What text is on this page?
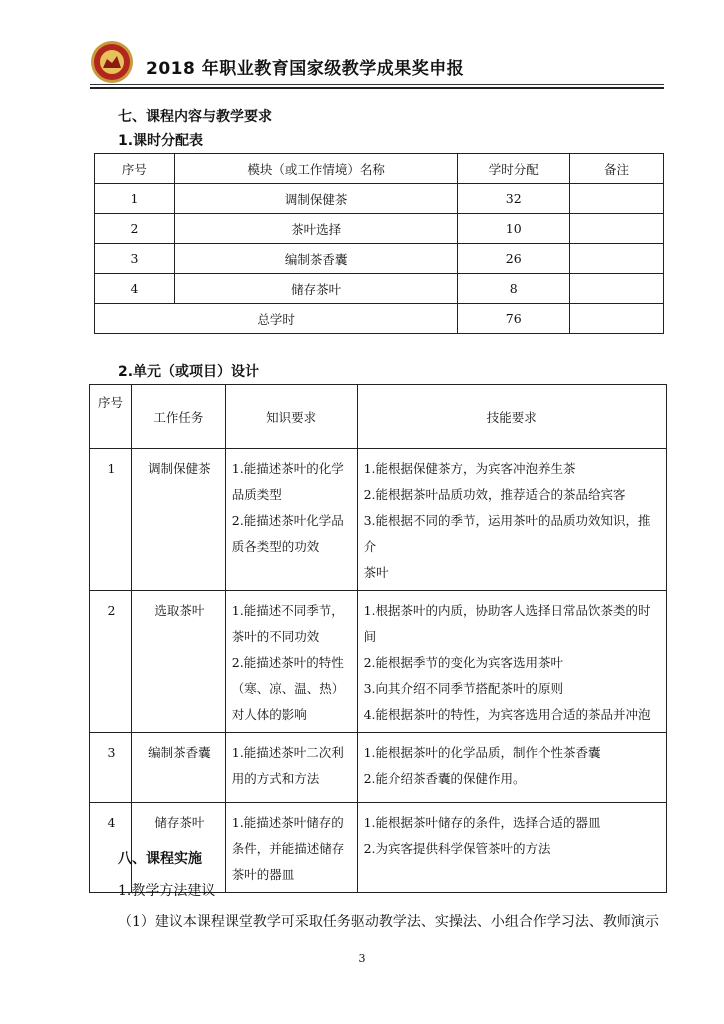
2018 年职业教育国家级教学成果奖申报
七、课程内容与教学要求
1.课时分配表
序号	模块（或工作情境）名称	学时分配	备注
1	调制保健茶	32	
2	茶叶选择	10	
3	编制茶香囊	26	
4	储存茶叶	8	
总学时		76	
2.单元（或项目）设计
序号	工作任务	知识要求	技能要求
1	调制保健茶	1.能描述茶叶的化学
品质类型
2.能描述茶叶化学品
质各类型的功效	1.能根据保健茶方，为宾客冲泡养生茶
2.能根据茶叶品质功效，推荐适合的茶品给宾客
3.能根据不同的季节，运用茶叶的品质功效知识，推介
茶叶

2	选取茶叶	1.能描述不同季节，
茶叶的不同功效
2.能描述茶叶的特性
（寒、凉、温、热）
对人体的影响	1.根据茶叶的内质，协助客人选择日常品饮茶类的时间
2.能根据季节的变化为宾客选用茶叶
3.向其介绍不同季节搭配茶叶的原则
4.能根据茶叶的特性，为宾客选用合适的茶品并冲泡

3	编制茶香囊	1.能描述茶叶二次利
用的方式和方法	1.能根据茶叶的化学品质，制作个性茶香囊
2.能介绍茶香囊的保健作用。

4	储存茶叶	1.能描述茶叶储存的
条件，并能描述储存
茶叶的器皿	1.能根据茶叶储存的条件，选择合适的器皿
2.为宾客提供科学保管茶叶的方法
八、课程实施
1.教学方法建议
（1）建议本课程课堂教学可采取任务驱动教学法、实操法、小组合作学习法、教师演示
3
